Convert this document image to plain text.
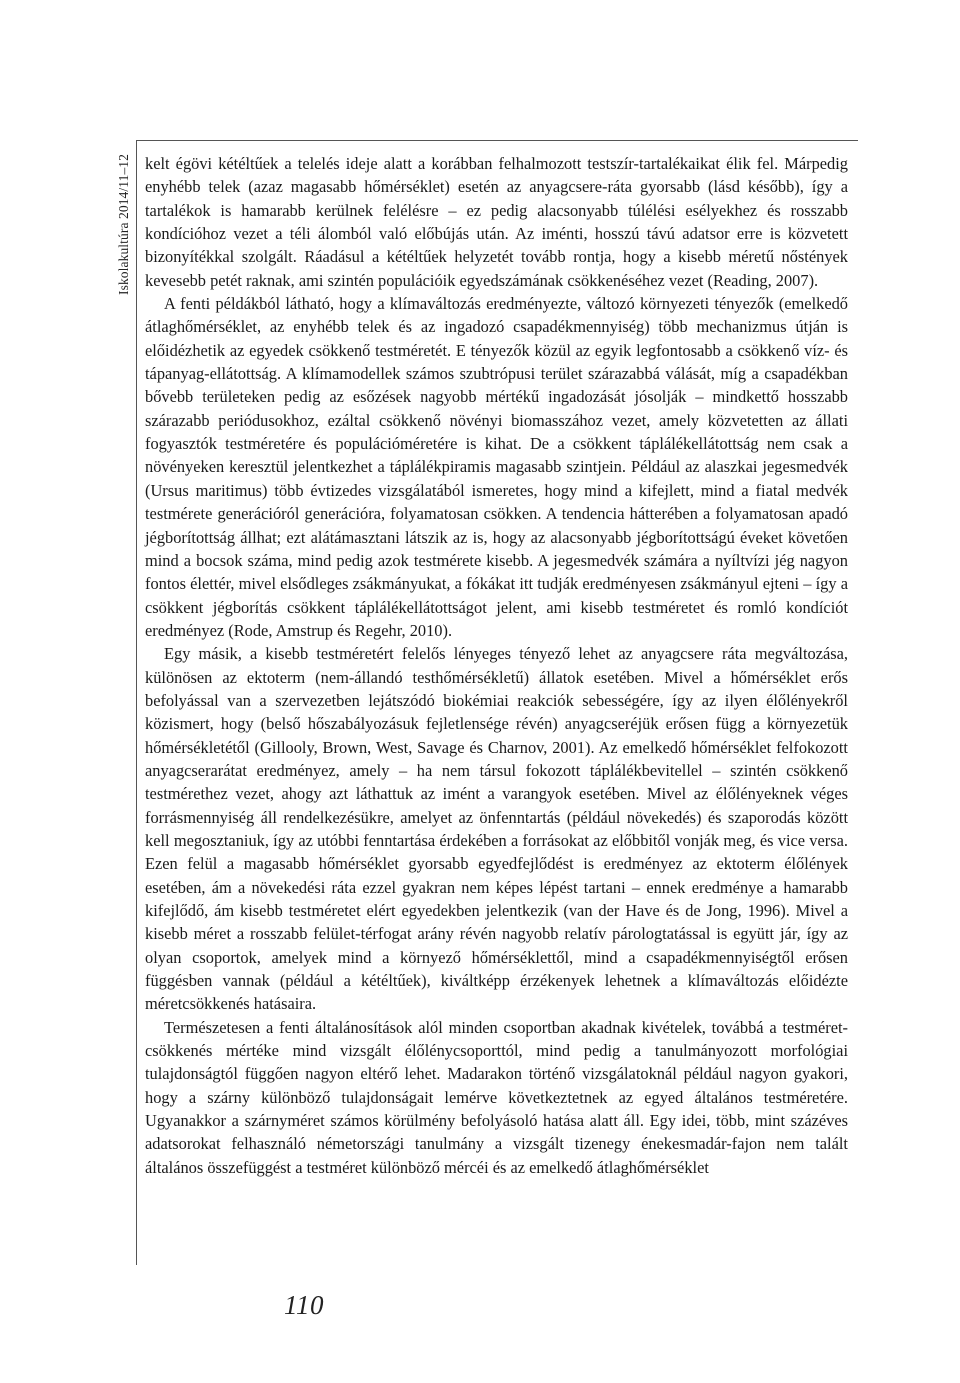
Iskolakultúra 2014/11–12 kelt égövi kétéltűek a telelés ideje alatt a korábban felhalmozott testszír-tartalékaikat élik fel. Márpedig enyhébb telek (azaz magasabb hőmérséklet) esetén az anyagcsere-ráta gyorsabb (lásd később), így a tartalékok is hamarabb kerülnek felélésre – ez pedig alacsonyabb túlélési esélyekhez és rosszabb kondícióhoz vezet a téli álomból való előbújás után. Az iménti, hosszú távú adatsor erre is közvetett bizonyítékkal szolgált. Ráadásul a kétéltűek helyzetét tovább rontja, hogy a kisebb méretű nőstények kevesebb petét raknak, ami szintén populációik egyedszámának csökkenéséhez vezet (Reading, 2007).

A fenti példákból látható, hogy a klímaváltozás eredményezte, változó környezeti tényezők (emelkedő átlaghőmérséklet, az enyhébb telek és az ingadozó csapadékmennyiség) több mechanizmus útján is előidézhetik az egyedek csökkenő testméretét. E tényezők közül az egyik legfontosabb a csökkenő víz- és tápanyag-ellátottság. A klímamodellek számos szubtrópusi terület szárazabbá válását, míg a csapadékban bővebb területeken pedig az esőzések nagyobb mértékű ingadozását jósolják – mindkettő hosszabb szárazabb periódusokhoz, ezáltal csökkenő növényi biomasszához vezet, amely közvetetten az állati fogyasztók testméretére és populációméretére is kihat. De a csökkent táplálékellátottság nem csak a növényeken keresztül jelentkezhet a táplálékpiramis magasabb szintjein. Például az alaszkai jegesmedvék (Ursus maritimus) több évtizedes vizsgálatából ismeretes, hogy mind a kifejlett, mind a fiatal medvék testmérete generációról generációra, folyamatosan csökken. A tendencia hátterében a folyamatosan apadó jégborítottság állhat; ezt alátámasztani látszik az is, hogy az alacsonyabb jégborítottságú éveket követően mind a bocsok száma, mind pedig azok testmérete kisebb. A jegesmedvék számára a nyíltvízi jég nagyon fontos élettér, mivel elsődleges zsákmányukat, a fókákat itt tudják eredményesen zsákmányul ejteni – így a csökkent jégborítás csökkent táplálékellátottságot jelent, ami kisebb testméretet és romló kondíciót eredményez (Rode, Amstrup és Regehr, 2010).

Egy másik, a kisebb testméretért felelős lényeges tényező lehet az anyagcsere ráta megváltozása, különösen az ektoterm (nem-állandó testhőmérsékletű) állatok esetében. Mivel a hőmérséklet erős befolyással van a szervezetben lejátszódó biokémiai reakciók sebességére, így az ilyen élőlényekről közismert, hogy (belső hőszabályozásuk fejletlensége révén) anyagcseréjük erősen függ a környezetük hőmérsékletétől (Gillooly, Brown, West, Savage és Charnov, 2001). Az emelkedő hőmérséklet felfokozott anyagcserarátat eredményez, amely – ha nem társul fokozott táplálékbevitellel – szintén csökkenő testmérethez vezet, ahogy azt láthattuk az imént a varangyok esetében. Mivel az élőlényeknek véges forrásmennyiség áll rendelkezésükre, amelyet az önfenntartás (például növekedés) és szaporodás között kell megosztaniuk, így az utóbbi fenntartása érdekében a forrásokat az előbbitől vonják meg, és vice versa. Ezen felül a magasabb hőmérséklet gyorsabb egyedfejlődést is eredményez az ektoterm élőlények esetében, ám a növekedési ráta ezzel gyakran nem képes lépést tartani – ennek eredménye a hamarabb kifejlődő, ám kisebb testméretet elért egyedekben jelentkezik (van der Have és de Jong, 1996). Mivel a kisebb méret a rosszabb felület-térfogat arány révén nagyobb relatív párologtatással is együtt jár, így az olyan csoportok, amelyek mind a környező hőmérséklettől, mind a csapadékmennyiségtől erősen függésben vannak (például a kétéltűek), kiváltképp érzékenyek lehetnek a klímaváltozás előidézte méretcsökkenés hatásaira.

Természetesen a fenti általánosítások alól minden csoportban akadnak kivételek, továbbá a testméret-csökkenés mértéke mind vizsgált élőlénycsoporttól, mind pedig a tanulmányozott morfológiai tulajdonságtól függően nagyon eltérő lehet. Madarakon történő vizsgálatoknál például nagyon gyakori, hogy a szárny különböző tulajdonságait lemérve következtetnek az egyed általános testméretére. Ugyanakkor a szárnyméret számos körülmény befolyásoló hatása alatt áll. Egy idei, több, mint százéves adatsorokat felhasználó németországi tanulmány a vizsgált tizenegy énekesmadár-fajon nem talált általános összefüggést a testméret különböző mércéi és az emelkedő átlaghőmérséklet

110
